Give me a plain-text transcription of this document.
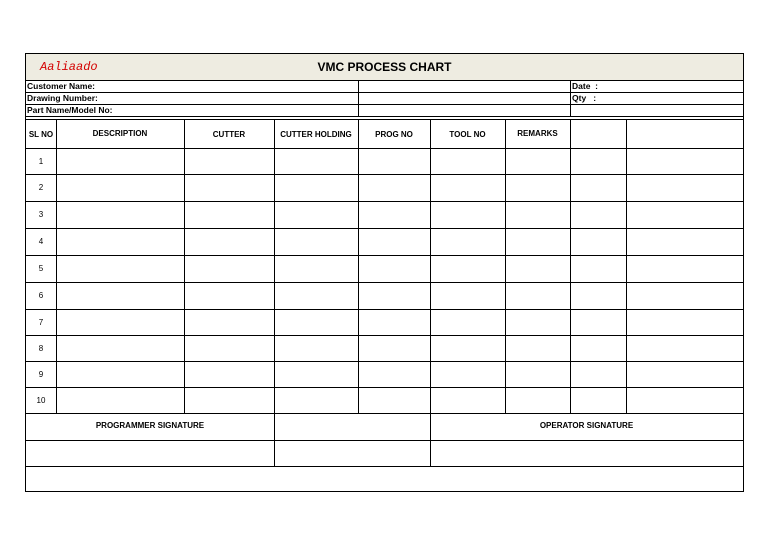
Aaliaado	VMC PROCESS CHART
Customer Name:
Drawing Number:
Part Name/Model No:
Date  :
Qty   :
SL NO	DESCRIPTION	CUTTER	CUTTER HOLDING	PROG NO	TOOL NO	REMARKS
1
2
3
4
5
6
7
8
9
10
PROGRAMMER SIGNATURE	OPERATOR SIGNATURE
